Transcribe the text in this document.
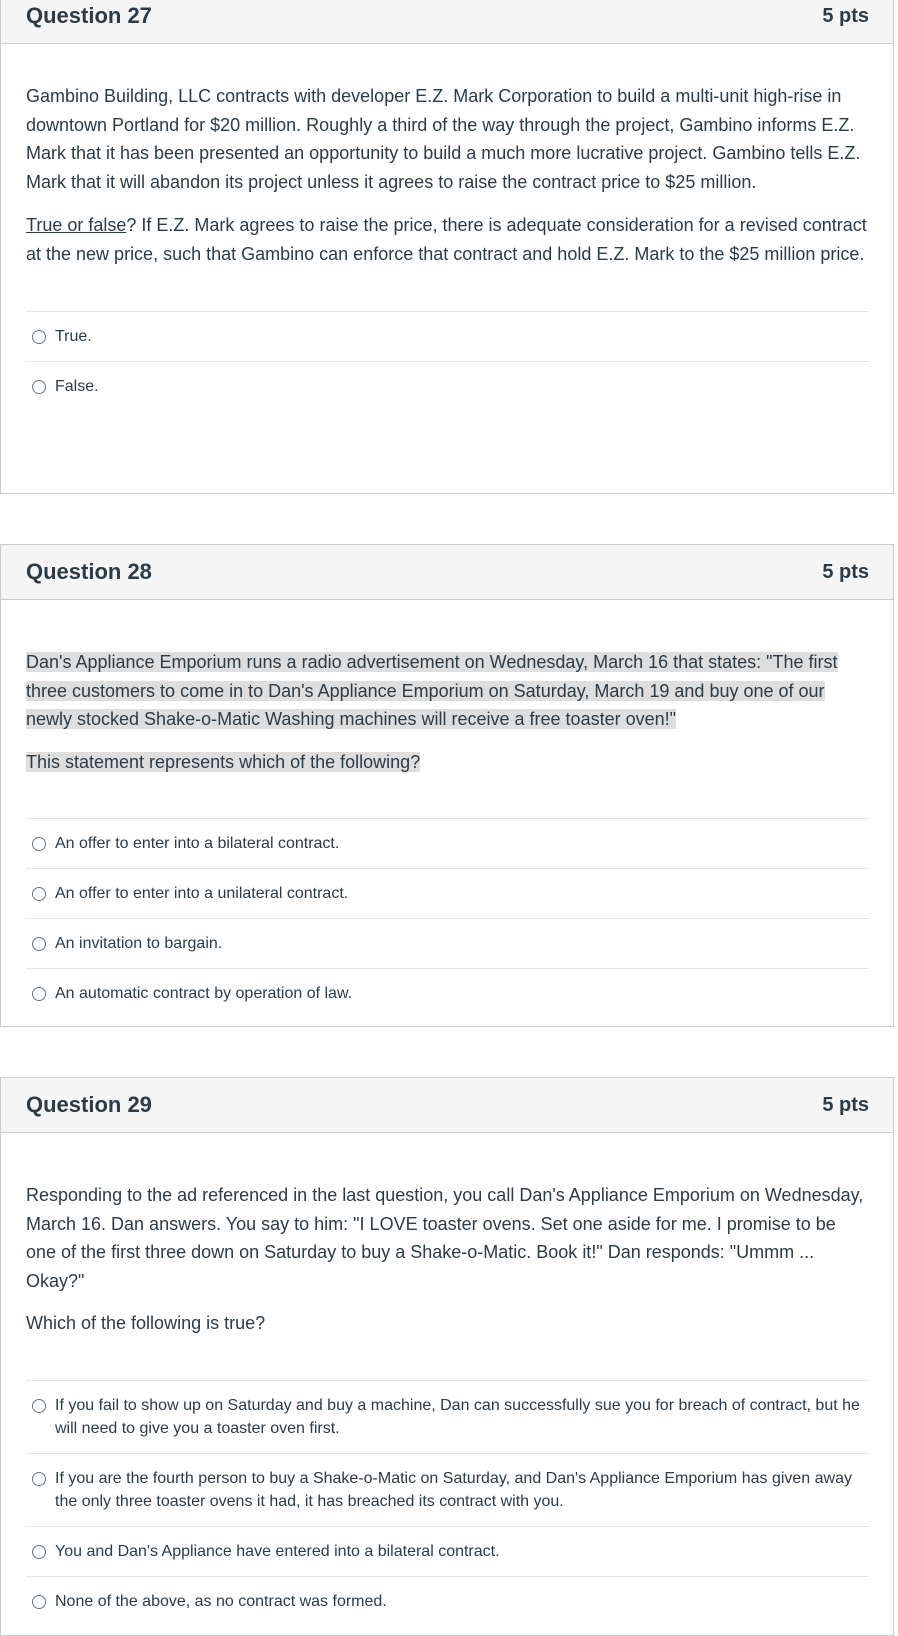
Question 27	5 pts

Gambino Building, LLC contracts with developer E.Z. Mark Corporation to build a multi-unit high-rise in downtown Portland for $20 million. Roughly a third of the way through the project, Gambino informs E.Z. Mark that it has been presented an opportunity to build a much more lucrative project. Gambino tells E.Z. Mark that it will abandon its project unless it agrees to raise the contract price to $25 million.

True or false? If E.Z. Mark agrees to raise the price, there is adequate consideration for a revised contract at the new price, such that Gambino can enforce that contract and hold E.Z. Mark to the $25 million price.

True.
False.
Question 28	5 pts

Dan's Appliance Emporium runs a radio advertisement on Wednesday, March 16 that states: "The first three customers to come in to Dan's Appliance Emporium on Saturday, March 19 and buy one of our newly stocked Shake-o-Matic Washing machines will receive a free toaster oven!"

This statement represents which of the following?

An offer to enter into a bilateral contract.
An offer to enter into a unilateral contract.
An invitation to bargain.
An automatic contract by operation of law.
Question 29	5 pts

Responding to the ad referenced in the last question, you call Dan's Appliance Emporium on Wednesday, March 16. Dan answers. You say to him: "I LOVE toaster ovens. Set one aside for me. I promise to be one of the first three down on Saturday to buy a Shake-o-Matic. Book it!" Dan responds: "Ummm ... Okay?"

Which of the following is true?

If you fail to show up on Saturday and buy a machine, Dan can successfully sue you for breach of contract, but he will need to give you a toaster oven first.
If you are the fourth person to buy a Shake-o-Matic on Saturday, and Dan's Appliance Emporium has given away the only three toaster ovens it had, it has breached its contract with you.
You and Dan's Appliance have entered into a bilateral contract.
None of the above, as no contract was formed.
